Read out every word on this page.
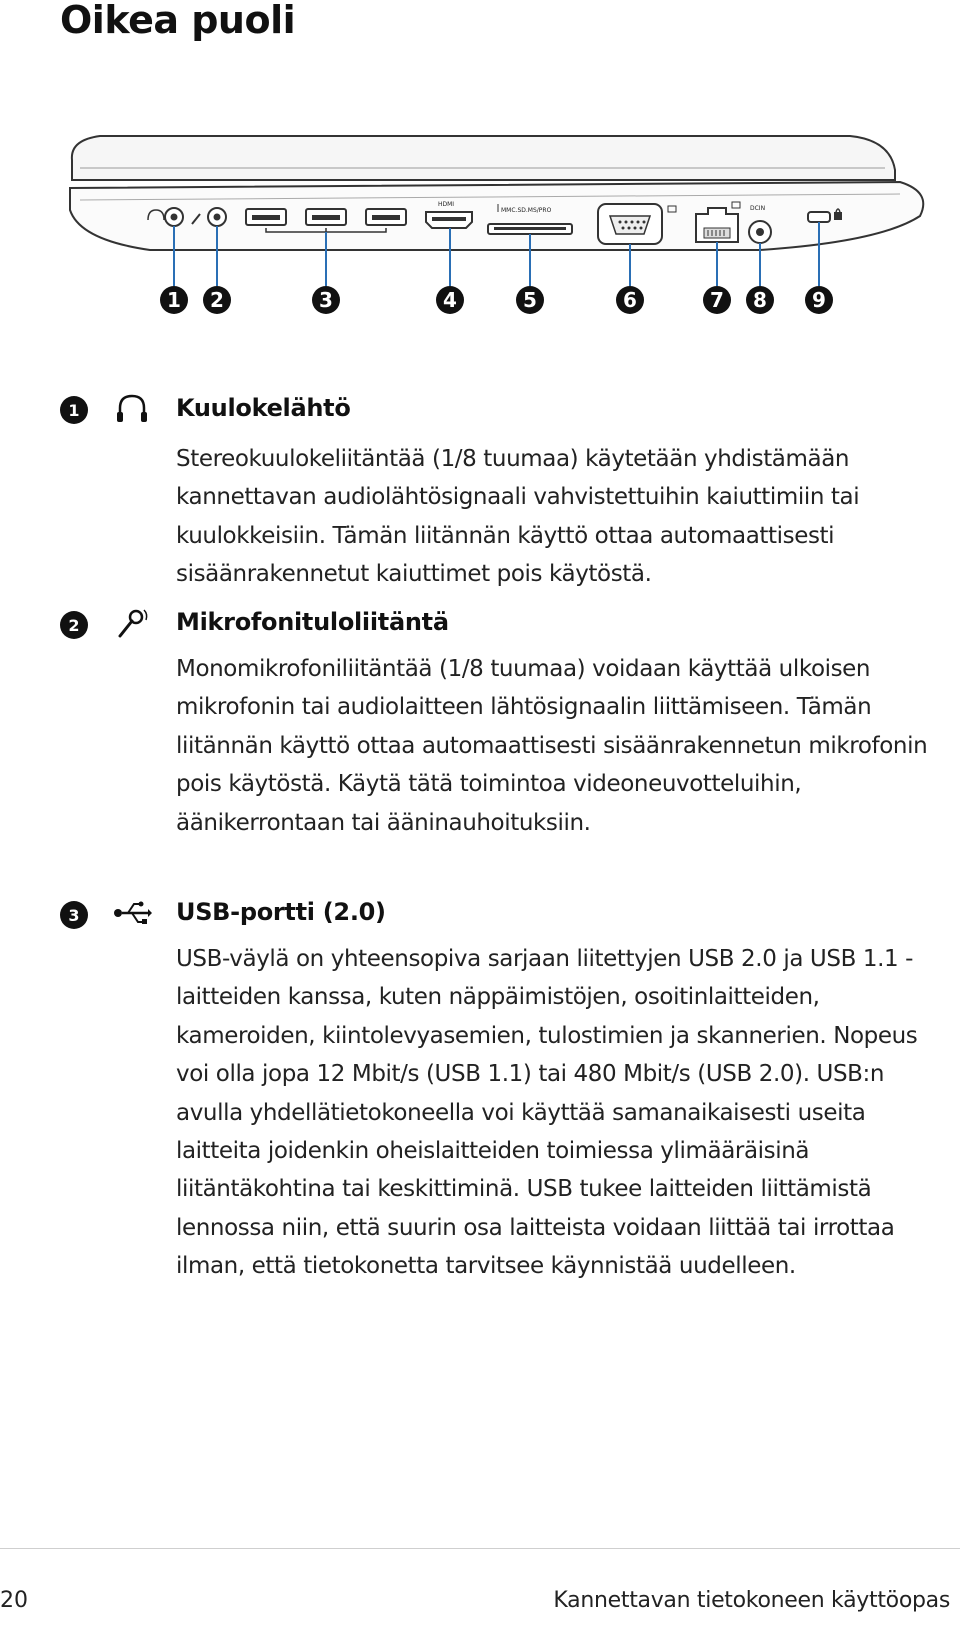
Oikea puoli
HDMI
MMC.SD.MS/PRO	DCIN
1 2	3	4	5	6	7 8 9
1	Kuulokelähtö

Stereokuulokeliitäntää (1/8 tuumaa) käytetään yhdistämään kannettavan audiolähtösignaali vahvistettuihin kaiuttimiin tai kuulokkeisiin. Tämän liitännän käyttö ottaa automaattisesti sisäänrakennetut kaiuttimet pois käytöstä.

2	Mikrofonituloliitäntä

Monomikrofoniliitäntää (1/8 tuumaa) voidaan käyttää ulkoisen mikrofonin tai audiolaitteen lähtösignaalin liittämiseen. Tämän liitännän käyttö ottaa automaattisesti sisäänrakennetun mikrofonin pois käytöstä. Käytä tätä toimintoa videoneuvotteluihin, äänikerrontaan tai ääninauhoituksiin.

3	USB-portti (2.0)

USB-väylä on yhteensopiva sarjaan liitettyjen USB 2.0 ja USB 1.1 -laitteiden kanssa, kuten näppäimistöjen, osoitinlaitteiden, kameroiden, kiintolevyasemien, tulostimien ja skannerien. Nopeus voi olla jopa 12 Mbit/s (USB 1.1) tai 480 Mbit/s (USB 2.0). USB:n avulla yhdellätietokoneella voi käyttää samanaikaisesti useita laitteita joidenkin oheislaitteiden toimiessa ylimääräisinä liitäntäkohtina tai keskittiminä. USB tukee laitteiden liittämistä lennossa niin, että suurin osa laitteista voidaan liittää tai irrottaa ilman, että tietokonetta tarvitsee käynnistää uudelleen.

20	Kannettavan tietokoneen käyttöopas
